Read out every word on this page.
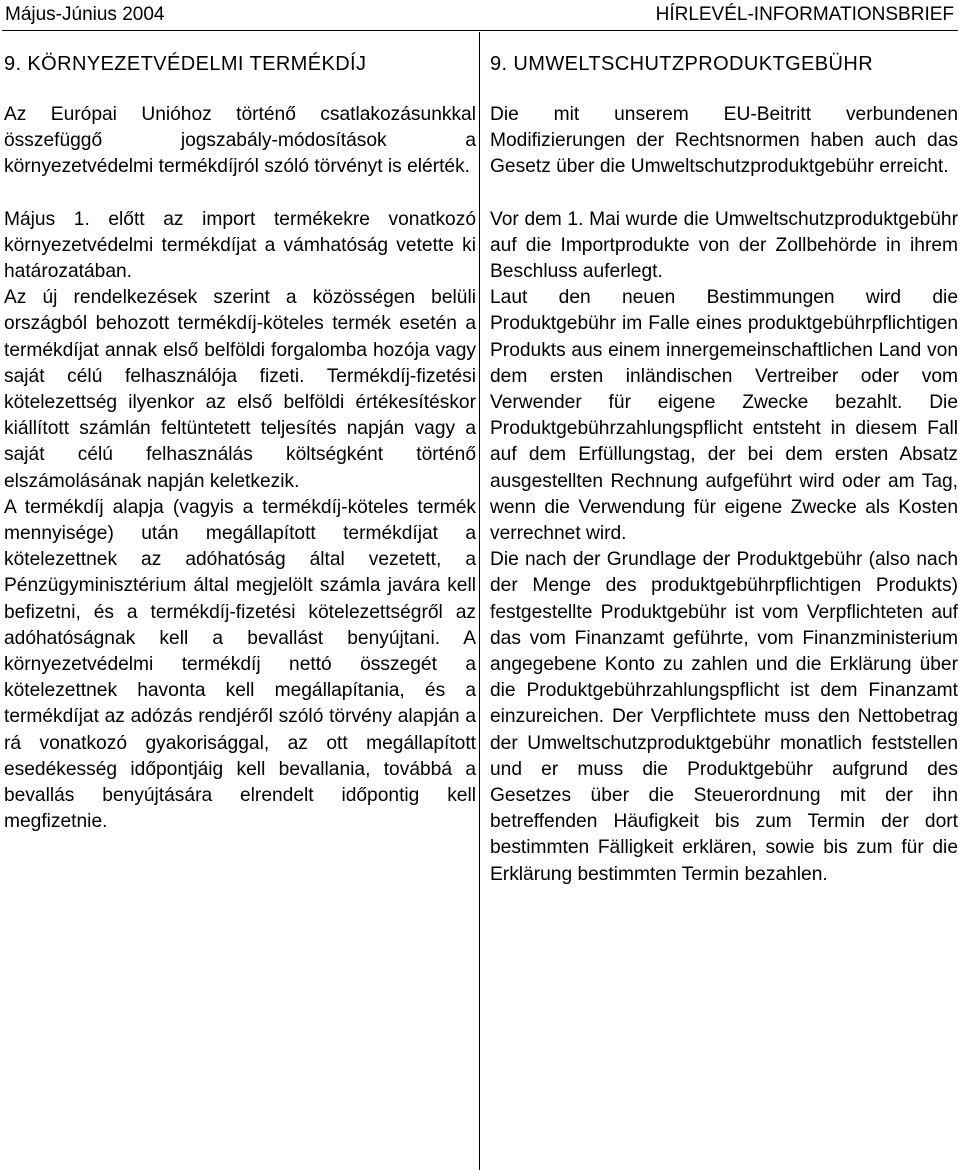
Május-Június 2004	HÍRLEVÉL-INFORMATIONSBRIEF
9. KÖRNYEZETVÉDELMI TERMÉKDÍJ	9. UMWELTSCHUTZPRODUKTGEBÜHR

Az Európai Unióhoz történő csatlakozásunkkal összefüggő jogszabály-módosítások a környezetvédelmi termékdíjról szóló törvényt is elérték.

Május 1. előtt az import termékekre vonatkozó környezetvédelmi termékdíjat a vámhatóság vetette ki határozatában.

Az új rendelkezések szerint a közösségen belüli országból behozott termékdíj-köteles termék esetén a termékdíjat annak első belföldi forgalomba hozója vagy saját célú felhasználója fizeti. Termékdíj-fizetési kötelezettség ilyenkor az első belföldi értékesítéskor kiállított számlán feltüntetett teljesítés napján vagy a saját célú felhasználás költségként történő elszámolásának napján keletkezik.

A termékdíj alapja (vagyis a termékdíj-köteles termék mennyisége) után megállapított termékdíjat a kötelezettnek az adóhatóság által vezetett, a Pénzügyminisztérium által megjelölt számla javára kell befizetni, és a termékdíj-fizetési kötelezettségről az adóhatóságnak kell a bevallást benyújtani. A környezetvédelmi termékdíj nettó összegét a kötelezettnek havonta kell megállapítania, és a termékdíjat az adózás rendjéről szóló törvény alapján a rá vonatkozó gyakorisággal, az ott megállapított esedékesség időpontjáig kell bevallania, továbbá a bevallás benyújtására elrendelt időpontig kell megfizetnie.

Die mit unserem EU-Beitritt verbundenen Modifizierungen der Rechtsnormen haben auch das Gesetz über die Umweltschutzproduktgebühr erreicht.

Vor dem 1. Mai wurde die Umweltschutzproduktgebühr auf die Importprodukte von der Zollbehörde in ihrem Beschluss auferlegt.

Laut den neuen Bestimmungen wird die Produktgebühr im Falle eines produktgebührpflichtigen Produkts aus einem innergemeinschaftlichen Land von dem ersten inländischen Vertreiber oder vom Verwender für eigene Zwecke bezahlt. Die Produktgebührzahlungspflicht entsteht in diesem Fall auf dem Erfüllungstag, der bei dem ersten Absatz ausgestellten Rechnung aufgeführt wird oder am Tag, wenn die Verwendung für eigene Zwecke als Kosten verrechnet wird.

Die nach der Grundlage der Produktgebühr (also nach der Menge des produktgebührpflichtigen Produkts) festgestellte Produktgebühr ist vom Verpflichteten auf das vom Finanzamt geführte, vom Finanzministerium angegebene Konto zu zahlen und die Erklärung über die Produktgebührzahlungspflicht ist dem Finanzamt einzureichen. Der Verpflichtete muss den Nettobetrag der Umweltschutzproduktgebühr monatlich feststellen und er muss die Produktgebühr aufgrund des Gesetzes über die Steuerordnung mit der ihn betreffenden Häufigkeit bis zum Termin der dort bestimmten Fälligkeit erklären, sowie bis zum für die Erklärung bestimmten Termin bezahlen.
